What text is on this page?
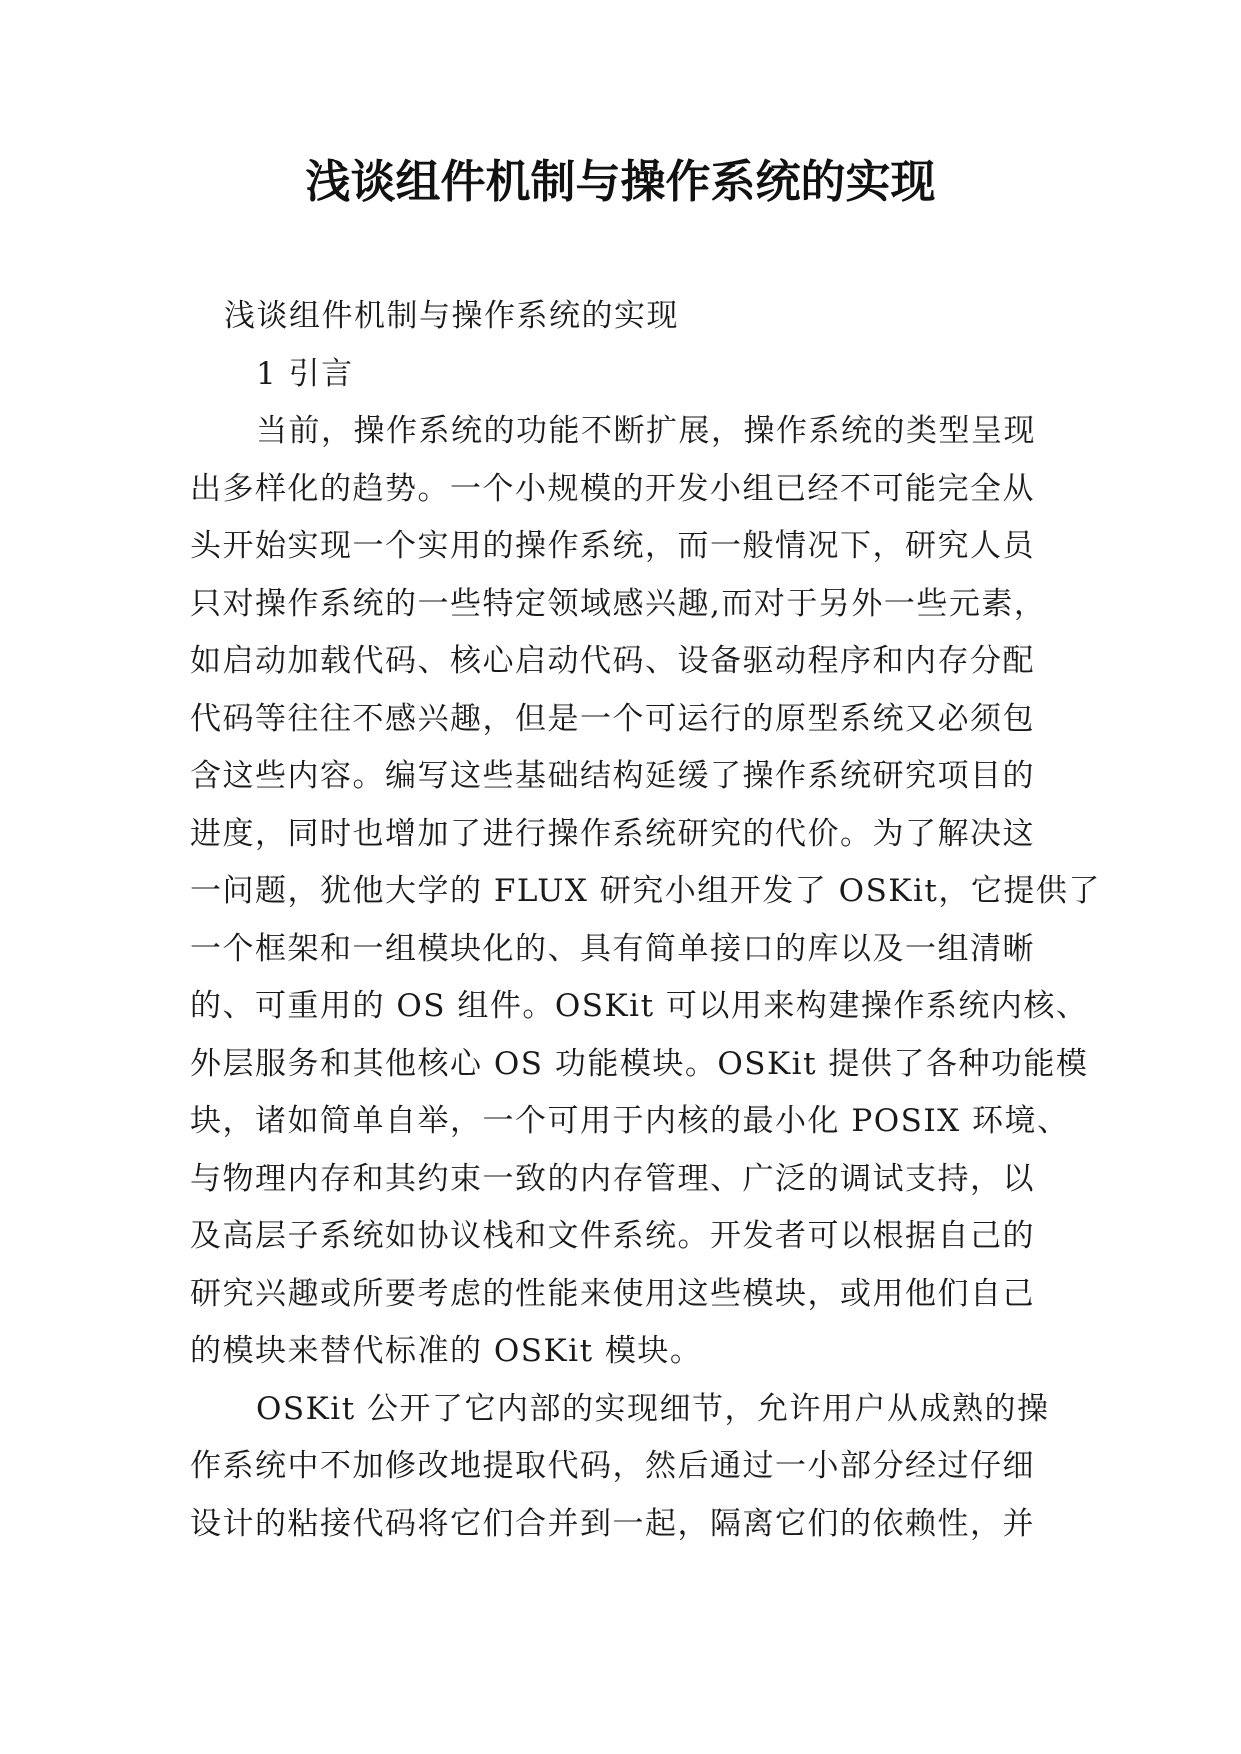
浅谈组件机制与操作系统的实现
浅谈组件机制与操作系统的实现
1 引言
当前，操作系统的功能不断扩展，操作系统的类型呈现
出多样化的趋势。一个小规模的开发小组已经不可能完全从
头开始实现一个实用的操作系统，而一般情况下，研究人员
只对操作系统的一些特定领域感兴趣,而对于另外一些元素，
如启动加载代码、核心启动代码、设备驱动程序和内存分配
代码等往往不感兴趣，但是一个可运行的原型系统又必须包
含这些内容。编写这些基础结构延缓了操作系统研究项目的
进度，同时也增加了进行操作系统研究的代价。为了解决这
一问题，犹他大学的 FLUX 研究小组开发了 OSKit，它提供了
一个框架和一组模块化的、具有简单接口的库以及一组清晰
的、可重用的 OS 组件。OSKit 可以用来构建操作系统内核、
外层服务和其他核心 OS 功能模块。OSKit 提供了各种功能模
块，诸如简单自举，一个可用于内核的最小化 POSIX 环境、
与物理内存和其约束一致的内存管理、广泛的调试支持，以
及高层子系统如协议栈和文件系统。开发者可以根据自己的
研究兴趣或所要考虑的性能来使用这些模块，或用他们自己
的模块来替代标准的 OSKit 模块。
OSKit 公开了它内部的实现细节，允许用户从成熟的操
作系统中不加修改地提取代码，然后通过一小部分经过仔细
设计的粘接代码将它们合并到一起，隔离它们的依赖性，并
